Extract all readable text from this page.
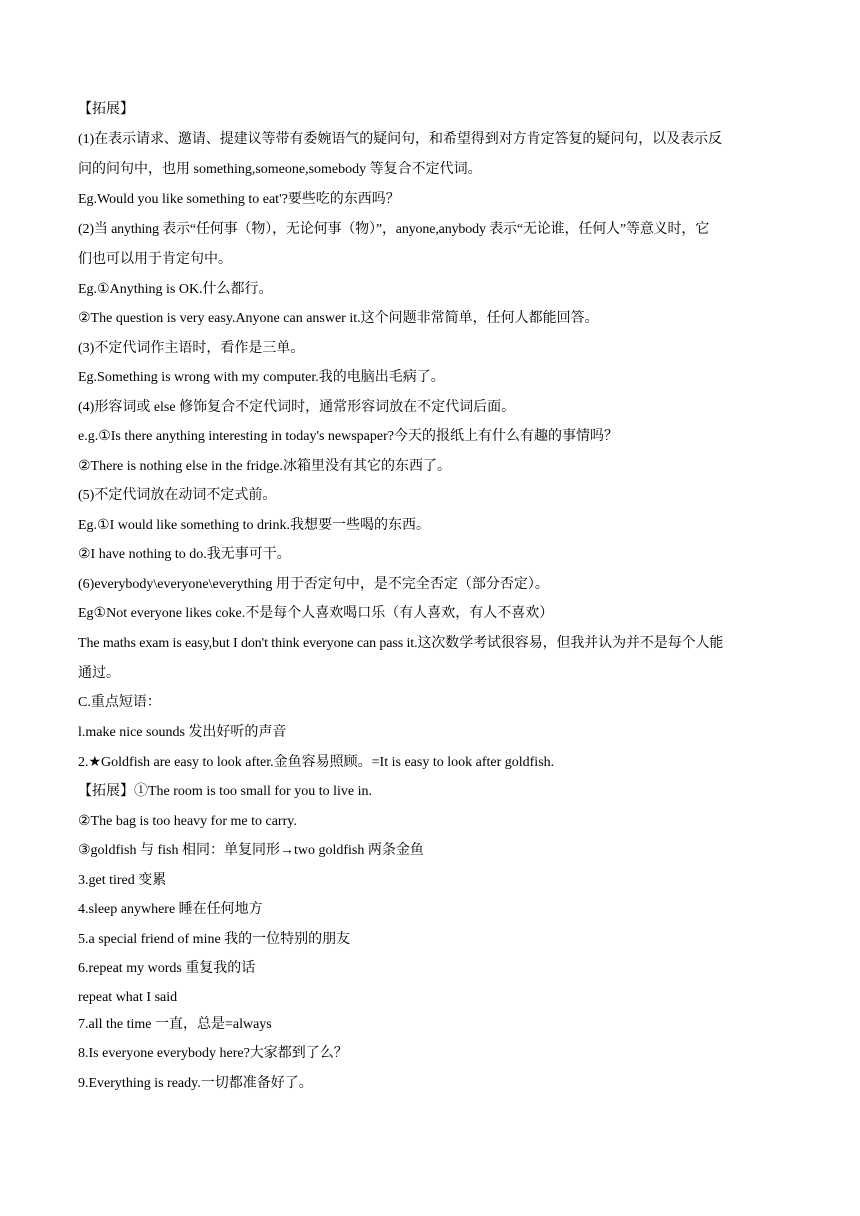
【拓展】
(1)在表示请求、邀请、提建议等带有委婉语气的疑问句，和希望得到对方肯定答复的疑问句，以及表示反
问的问句中，也用 something,someone,somebody 等复合不定代词。
Eg.Would you like something to eat'?要些吃的东西吗？
(2)当 anything 表示“任何事（物），无论何事（物）”，anyone,anybody 表示“无论谁，任何人”等意义时，它
们也可以用于肯定句中。
Eg.①Anything is OK.什么都行。
②The question is very easy.Anyone can answer it.这个问题非常简单，任何人都能回答。
(3)不定代词作主语时，看作是三单。
Eg.Something is wrong with my computer.我的电脑出毛病了。
(4)形容词或 else 修饰复合不定代词时，通常形容词放在不定代词后面。
e.g.①Is there anything interesting in today's newspaper?今天的报纸上有什么有趣的事情吗？
②There is nothing else in the fridge.冰箱里没有其它的东西了。
(5)不定代词放在动词不定式前。
Eg.①I would like something to drink.我想要一些喝的东西。
②I have nothing to do.我无事可干。
(6)everybody\everyone\everything 用于否定句中，是不完全否定（部分否定）。
Eg①Not everyone likes coke.不是每个人喜欢喝口乐（有人喜欢，有人不喜欢）
The maths exam is easy,but I don't think everyone can pass it.这次数学考试很容易，但我并认为并不是每个人能
通过。
C.重点短语：
l.make nice sounds 发出好听的声音
2.★Goldfish are easy to look after.金鱼容易照顾。=It is easy to look after goldfish.
【拓展】①The room is too small for you to live in.
②The bag is too heavy for me to carry.
③goldfish 与 fish 相同：单复同形→two goldfish 两条金鱼
3.get tired 变累
4.sleep anywhere 睡在任何地方
5.a special friend of mine 我的一位特别的朋友
6.repeat my words 重复我的话
repeat what I said
7.all the time 一直，总是=always
8.Is everyone everybody here?大家都到了么？
9.Everything is ready.一切都准备好了。
